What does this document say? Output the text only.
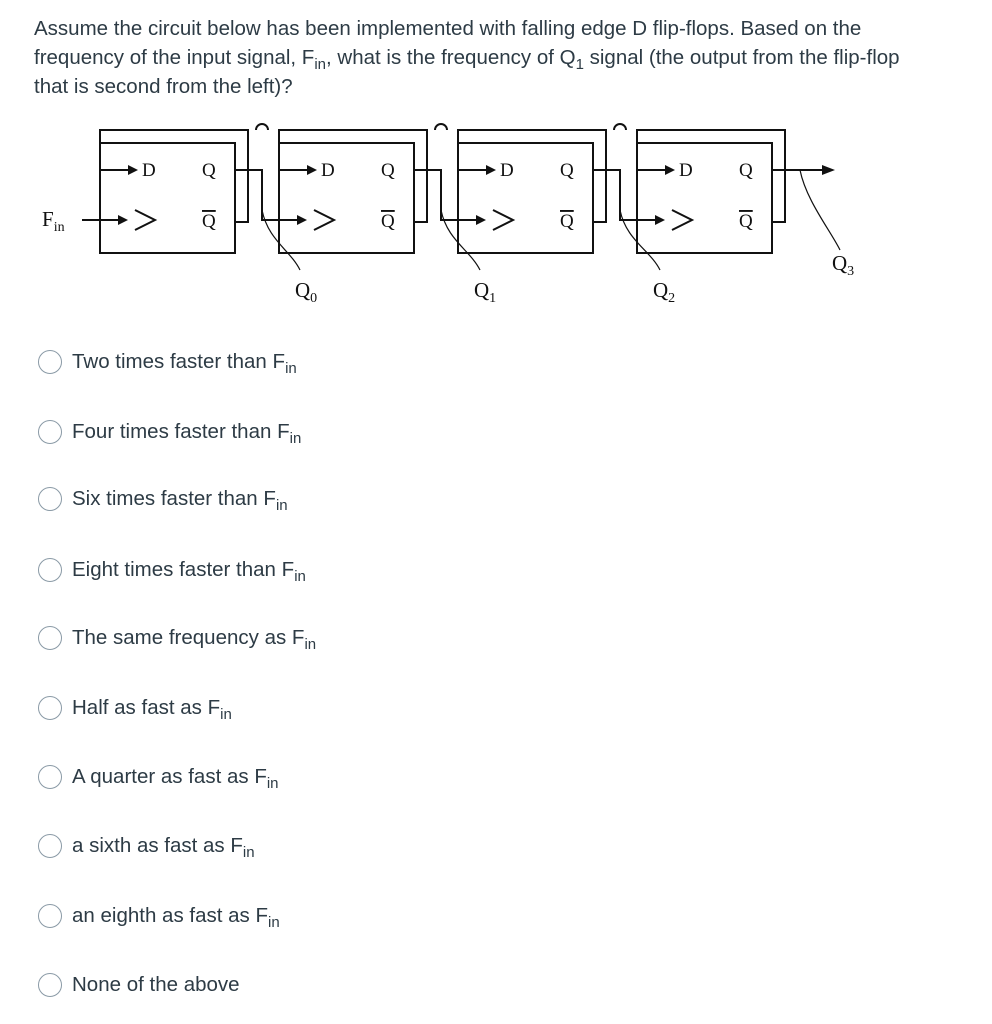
Assume the circuit below has been implemented with falling edge D flip-flops. Based on the frequency of the input signal, $F_{in}$, what is the frequency of $Q_1$ signal (the output from the flip-flop that is second from the left)?

D Q
Q
D Q
Q
D Q
Q
D Q
Q
$F_{in}$
$Q_0$	$Q_1$	$Q_2$
$Q_3$
Two times faster than $F_{in}$
Four times faster than $F_{in}$
Six times faster than $F_{in}$
Eight times faster than $F_{in}$
The same frequency as $F_{in}$
Half as fast as $F_{in}$
A quarter as fast as $F_{in}$
a sixth as fast as $F_{in}$
an eighth as fast as $F_{in}$
None of the above
